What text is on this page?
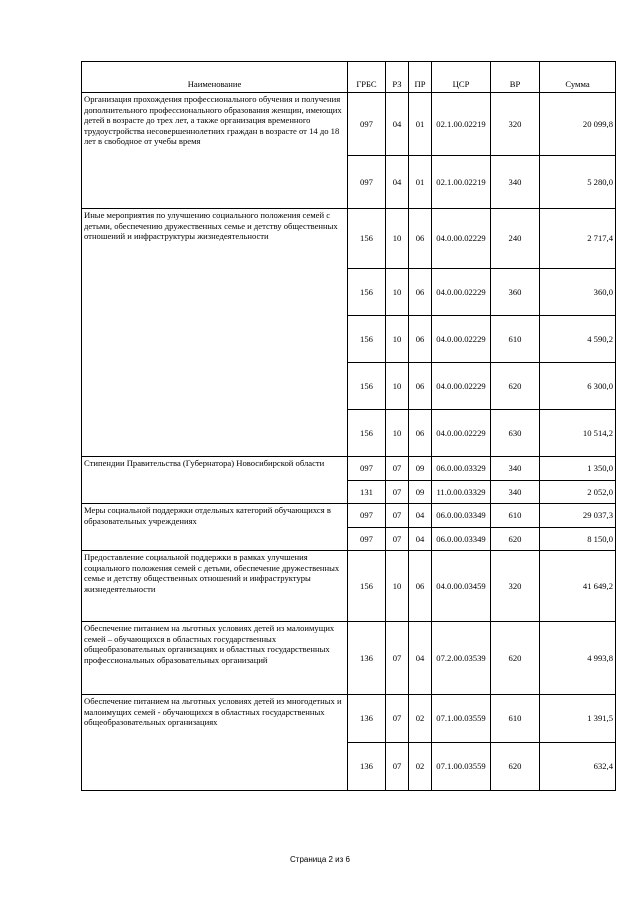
Наименование	ГРБС	РЗ	ПР	ЦСР	ВР	Сумма
Организация прохождения профессионального обучения и получения дополнительного профессионального образования женщин, имеющих детей в возрасте до трех лет, а также организация временного трудоустройства несовершеннолетних граждан в возрасте от 14 до 18 лет в свободное от учебы время	097	04	01	02.1.00.02219	320	20 099,8
	097	04	01	02.1.00.02219	340	5 280,0
Иные мероприятия по улучшению социального положения семей с детьми, обеспечению дружественных семье и детству общественных отношений и инфраструктуры жизнедеятельности	156	10	06	04.0.00.02229	240	2 717,4
	156	10	06	04.0.00.02229	360	360,0
	156	10	06	04.0.00.02229	610	4 590,2
	156	10	06	04.0.00.02229	620	6 300,0
	156	10	06	04.0.00.02229	630	10 514,2
Стипендии Правительства (Губернатора) Новосибирской области	097	07	09	06.0.00.03329	340	1 350,0
	131	07	09	11.0.00.03329	340	2 052,0
Меры социальной поддержки отдельных категорий обучающихся в образовательных учреждениях	097	07	04	06.0.00.03349	610	29 037,3
	097	07	04	06.0.00.03349	620	8 150,0
Предоставление социальной поддержки в рамках улучшения социального положения семей с детьми, обеспечение дружественных семье и детству общественных отношений и инфраструктуры жизнедеятельности	156	10	06	04.0.00.03459	320	41 649,2
Обеспечение питанием на льготных условиях детей из малоимущих семей – обучающихся в областных государственных общеобразовательных организациях и областных государственных профессиональных образовательных организаций	136	07	04	07.2.00.03539	620	4 993,8
Обеспечение питанием на льготных условиях детей из многодетных и малоимущих семей - обучающихся в областных государственных общеобразовательных организациях	136	07	02	07.1.00.03559	610	1 391,5
	136	07	02	07.1.00.03559	620	632,4
Страница 2 из 6
